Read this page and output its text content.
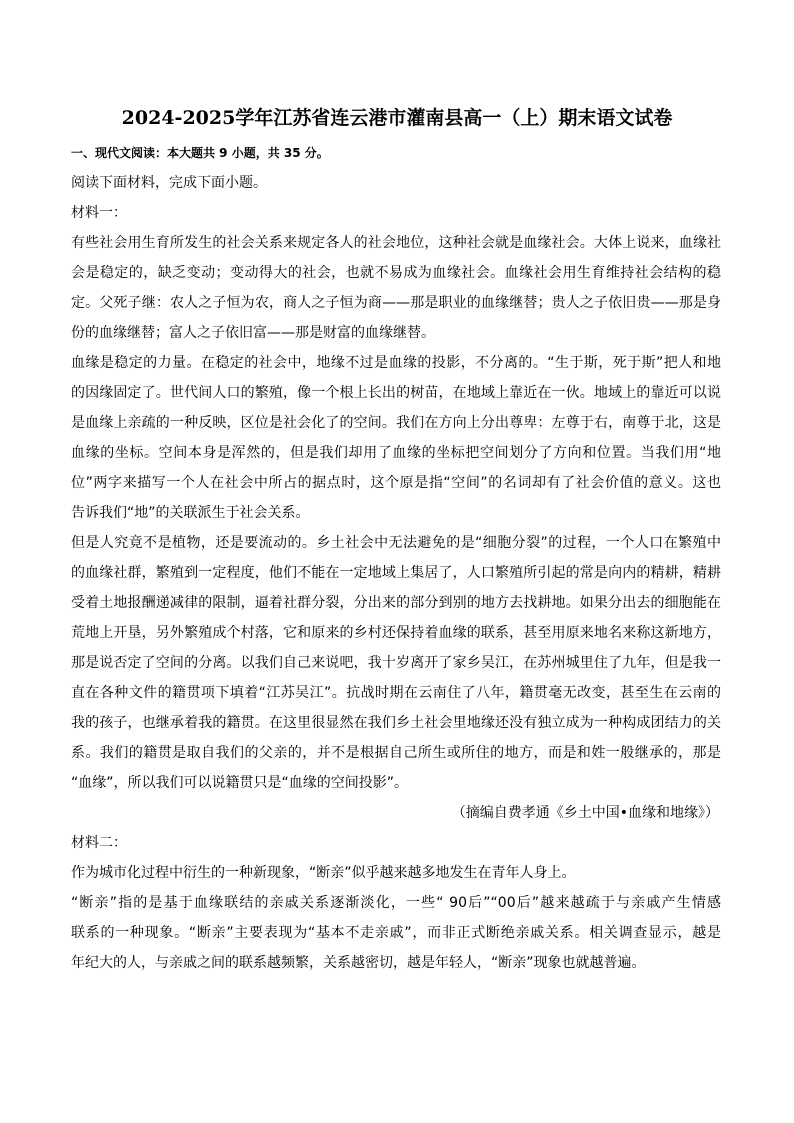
2024-2025学年江苏省连云港市灌南县高一（上）期末语文试卷

一、现代文阅读：本大题共 9 小题，共 35 分。

阅读下面材料，完成下面小题。

材料一：

有些社会用生育所发生的社会关系来规定各人的社会地位，这种社会就是血缘社会。大体上说来，血缘社

会是稳定的，缺乏变动；变动得大的社会，也就不易成为血缘社会。血缘社会用生育维持社会结构的稳

定。父死子继：农人之子恒为农，商人之子恒为商——那是职业的血缘继替；贵人之子依旧贵——那是身

份的血缘继替；富人之子依旧富——那是财富的血缘继替。

血缘是稳定的力量。在稳定的社会中，地缘不过是血缘的投影，不分离的。“生于斯，死于斯”把人和地

的因缘固定了。世代间人口的繁殖，像一个根上长出的树苗，在地域上靠近在一伙。地域上的靠近可以说

是血缘上亲疏的一种反映，区位是社会化了的空间。我们在方向上分出尊卑：左尊于右，南尊于北，这是

血缘的坐标。空间本身是浑然的，但是我们却用了血缘的坐标把空间划分了方向和位置。当我们用“地

位”两字来描写一个人在社会中所占的据点时，这个原是指“空间”的名词却有了社会价值的意义。这也

告诉我们“地”的关联派生于社会关系。

但是人究竟不是植物，还是要流动的。乡土社会中无法避免的是“细胞分裂”的过程，一个人口在繁殖中

的血缘社群，繁殖到一定程度，他们不能在一定地域上集居了，人口繁殖所引起的常是向内的精耕，精耕

受着土地报酬递减律的限制，逼着社群分裂，分出来的部分到别的地方去找耕地。如果分出去的细胞能在

荒地上开垦，另外繁殖成个村落，它和原来的乡村还保持着血缘的联系，甚至用原来地名来称这新地方，

那是说否定了空间的分离。以我们自己来说吧，我十岁离开了家乡吴江，在苏州城里住了九年，但是我一

直在各种文件的籍贯项下填着“江苏吴江”。抗战时期在云南住了八年，籍贯毫无改变，甚至生在云南的

我的孩子，也继承着我的籍贯。在这里很显然在我们乡土社会里地缘还没有独立成为一种构成团结力的关

系。我们的籍贯是取自我们的父亲的，并不是根据自己所生或所住的地方，而是和姓一般继承的，那是

“血缘”，所以我们可以说籍贯只是“血缘的空间投影”。

（摘编自费孝通《乡土中国•血缘和地缘》）

材料二：

作为城市化过程中衍生的一种新现象，“断亲”似乎越来越多地发生在青年人身上。

“断亲”指的是基于血缘联结的亲戚关系逐渐淡化，一些“ 90后”“00后”越来越疏于与亲戚产生情感

联系的一种现象。“断亲”主要表现为“基本不走亲戚”，而非正式断绝亲戚关系。相关调查显示，越是

年纪大的人，与亲戚之间的联系越频繁，关系越密切，越是年轻人，“断亲”现象也就越普遍。
